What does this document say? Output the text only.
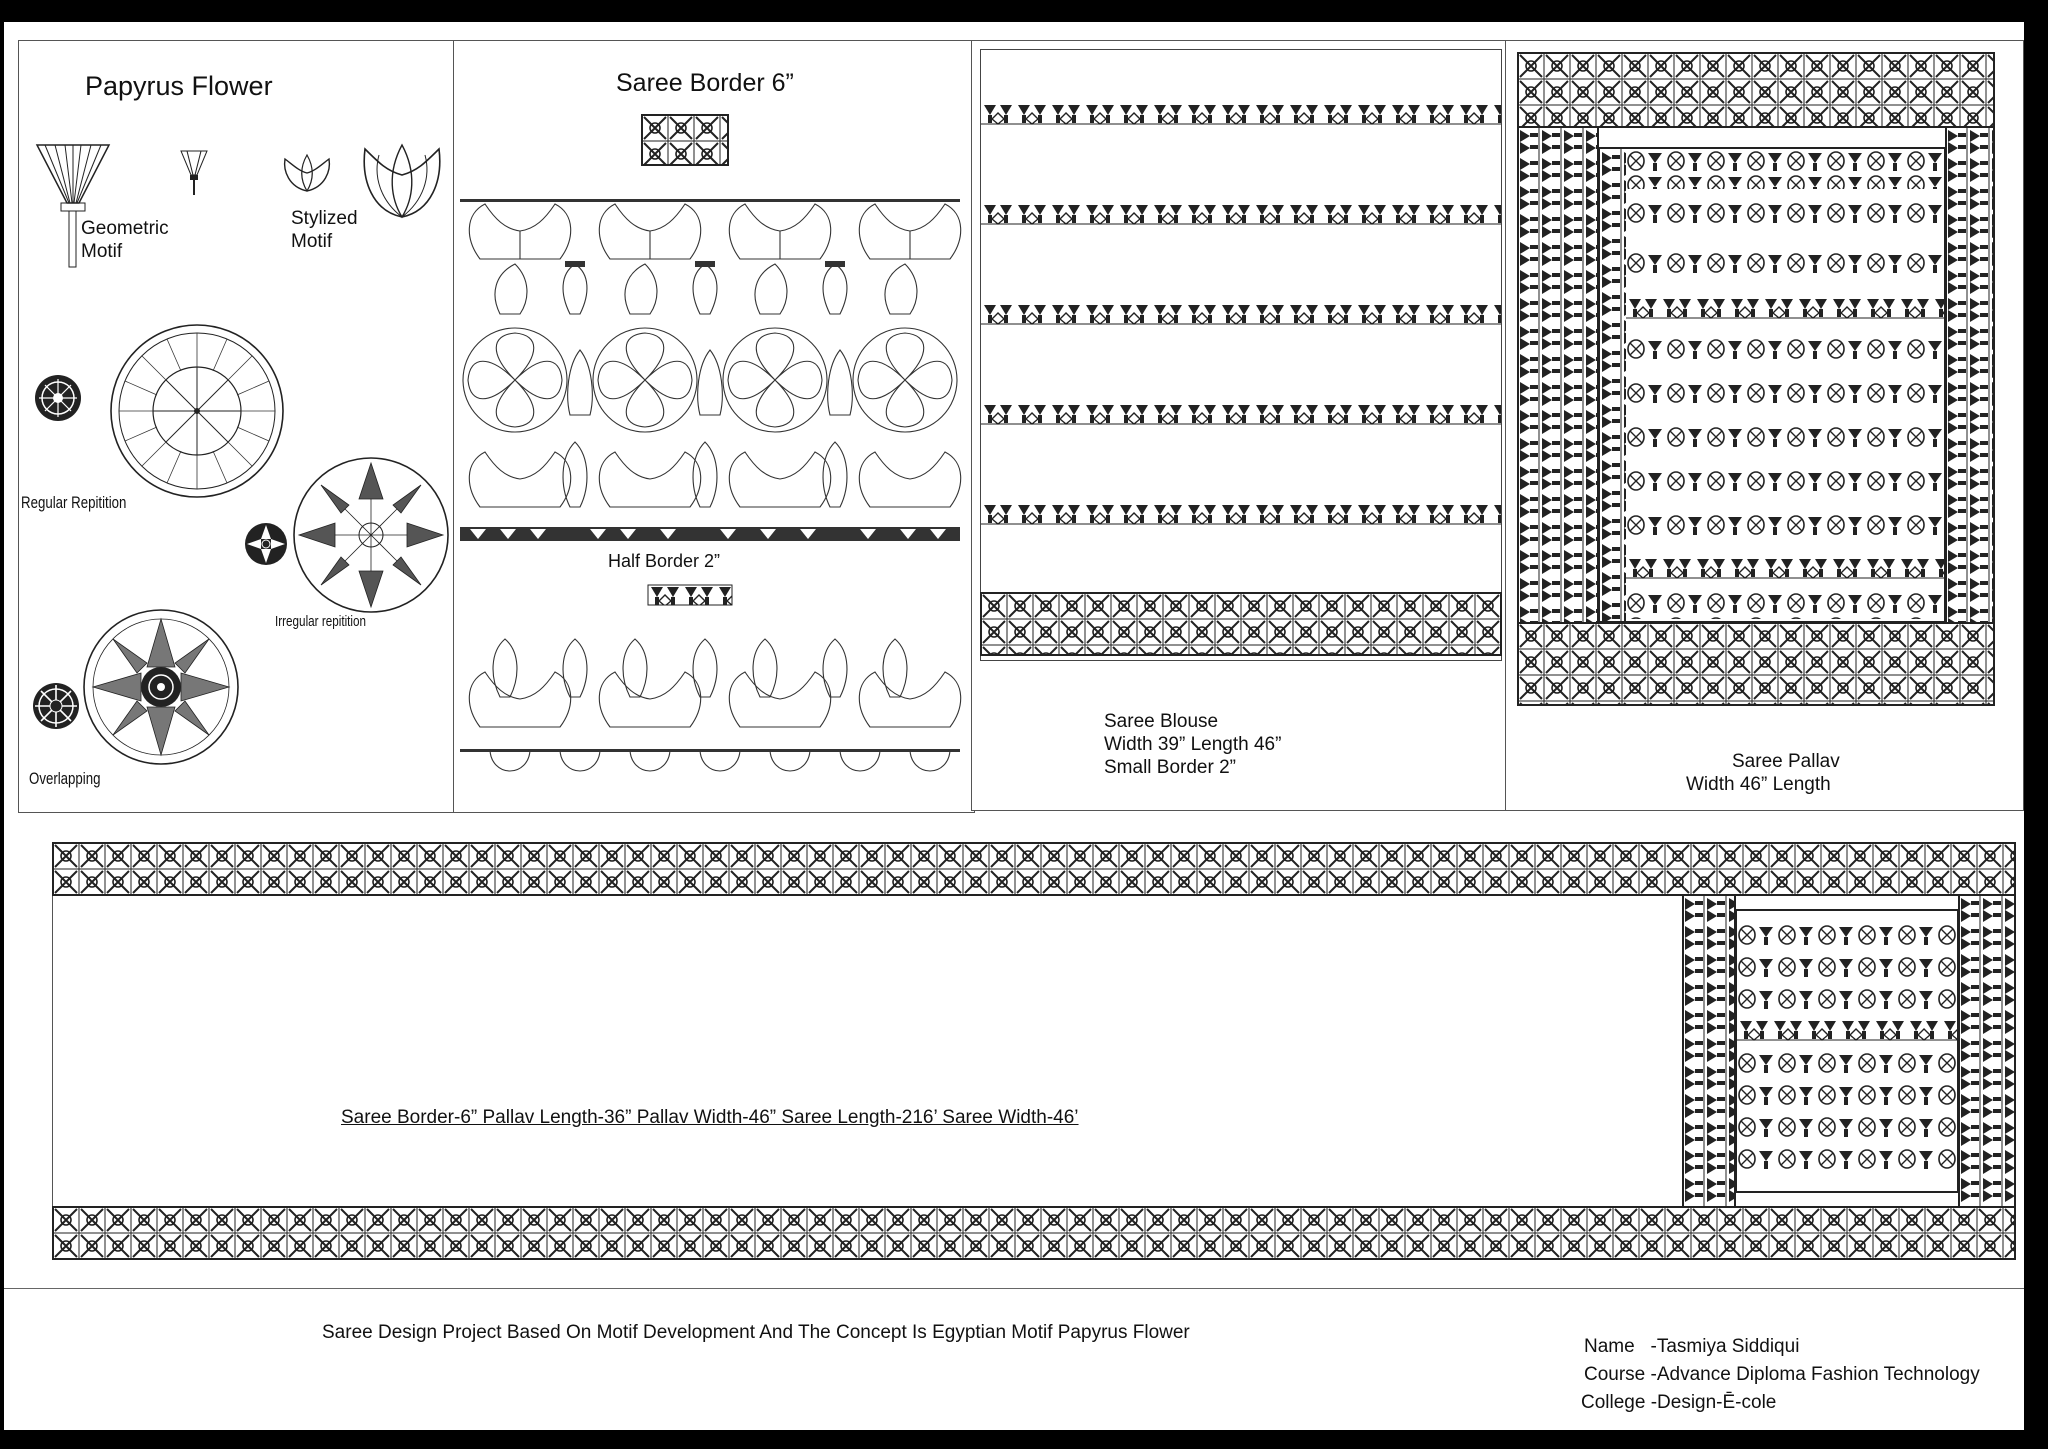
Papyrus Flower
Geometric
Motif
Stylized
Motif
Regular Repitition
Irregular repitition
Overlapping
Saree Border 6”
Half Border 2”
Saree Blouse
Width 39” Length 46”
Small Border 2”	Saree Pallav
Width 46” Length
Saree Border-6” Pallav Length-36” Pallav Width-46” Saree Length-216’ Saree Width-46’
Saree Design Project Based On Motif Development And The Concept Is Egyptian Motif Papyrus Flower
Name   -Tasmiya Siddiqui
Course -Advance Diploma Fashion Technology
College -Design-Ē-cole
